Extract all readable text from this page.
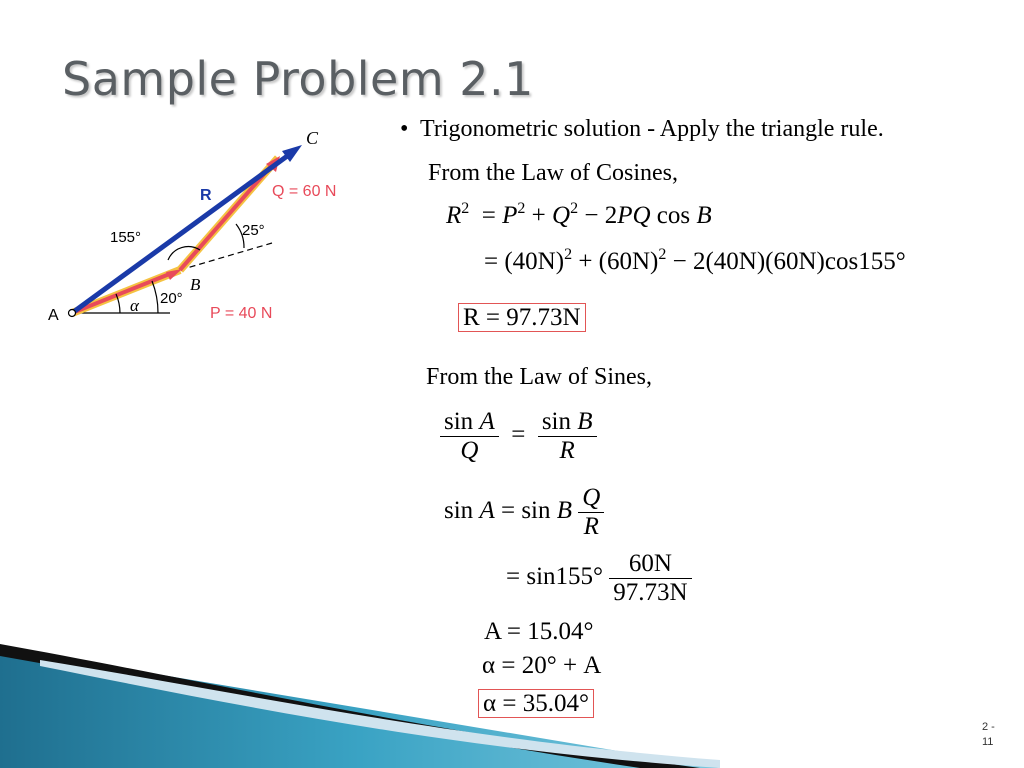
Sample Problem 2.1
C
R	Q = 60 N
155°	25°
B
α 20°
A	P = 40 N
• Trigonometric solution - Apply the triangle rule.
From the Law of Cosines,
$R^2 = P^2 + Q^2 - 2PQ$ cos B
= $(40N)^2 + (60N)^2 - 2(40N)(60N)\cos 155^\circ$
R = 97.73N
From the Law of Sines,
$\frac{\text{sin A}}{Q} = \frac{\text{sin B}}{R}$
sin A = sin B $\frac{Q}{R}$
= $\sin 155^\circ \frac{60N}{97.73N}$
A = 15.04°
α = 20° + A
α = 35.04°
2 -
11
